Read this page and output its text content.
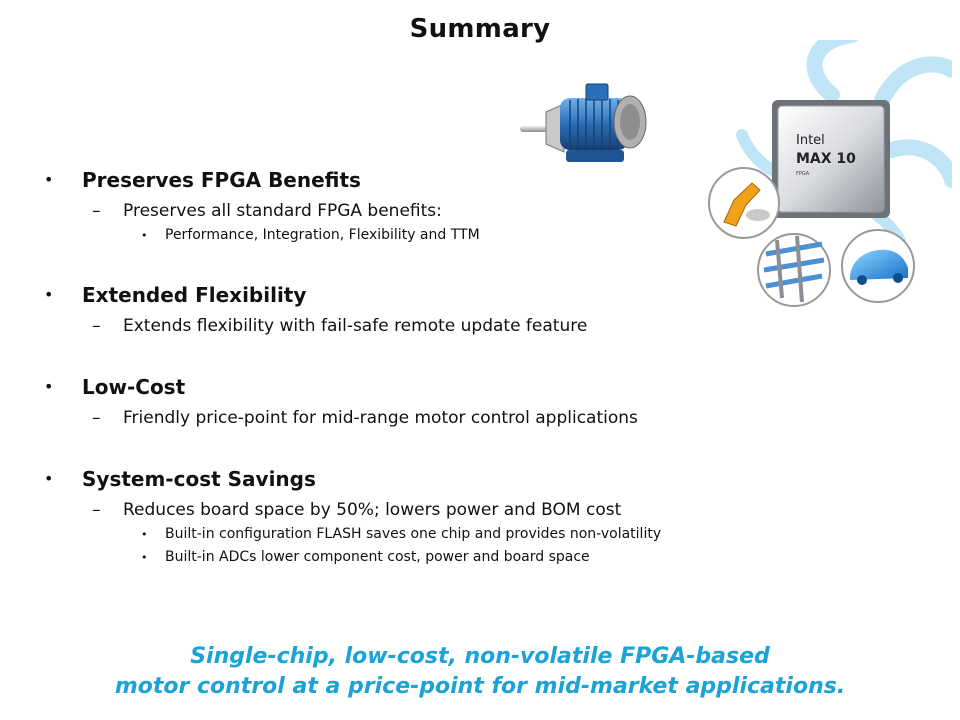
Summary
Intel
MAX 10
FPGA
• Preserves FPGA Benefits
– Preserves all standard FPGA benefits:
• Performance, Integration, Flexibility and TTM
• Extended Flexibility
– Extends flexibility with fail-safe remote update feature
• Low-Cost
– Friendly price-point for mid-range motor control applications
• System-cost Savings
– Reduces board space by 50%; lowers power and BOM cost
• Built-in configuration FLASH saves one chip and provides non-volatility
• Built-in ADCs lower component cost, power and board space
Single-chip, low-cost, non-volatile FPGA-based
motor control at a price-point for mid-market applications.
